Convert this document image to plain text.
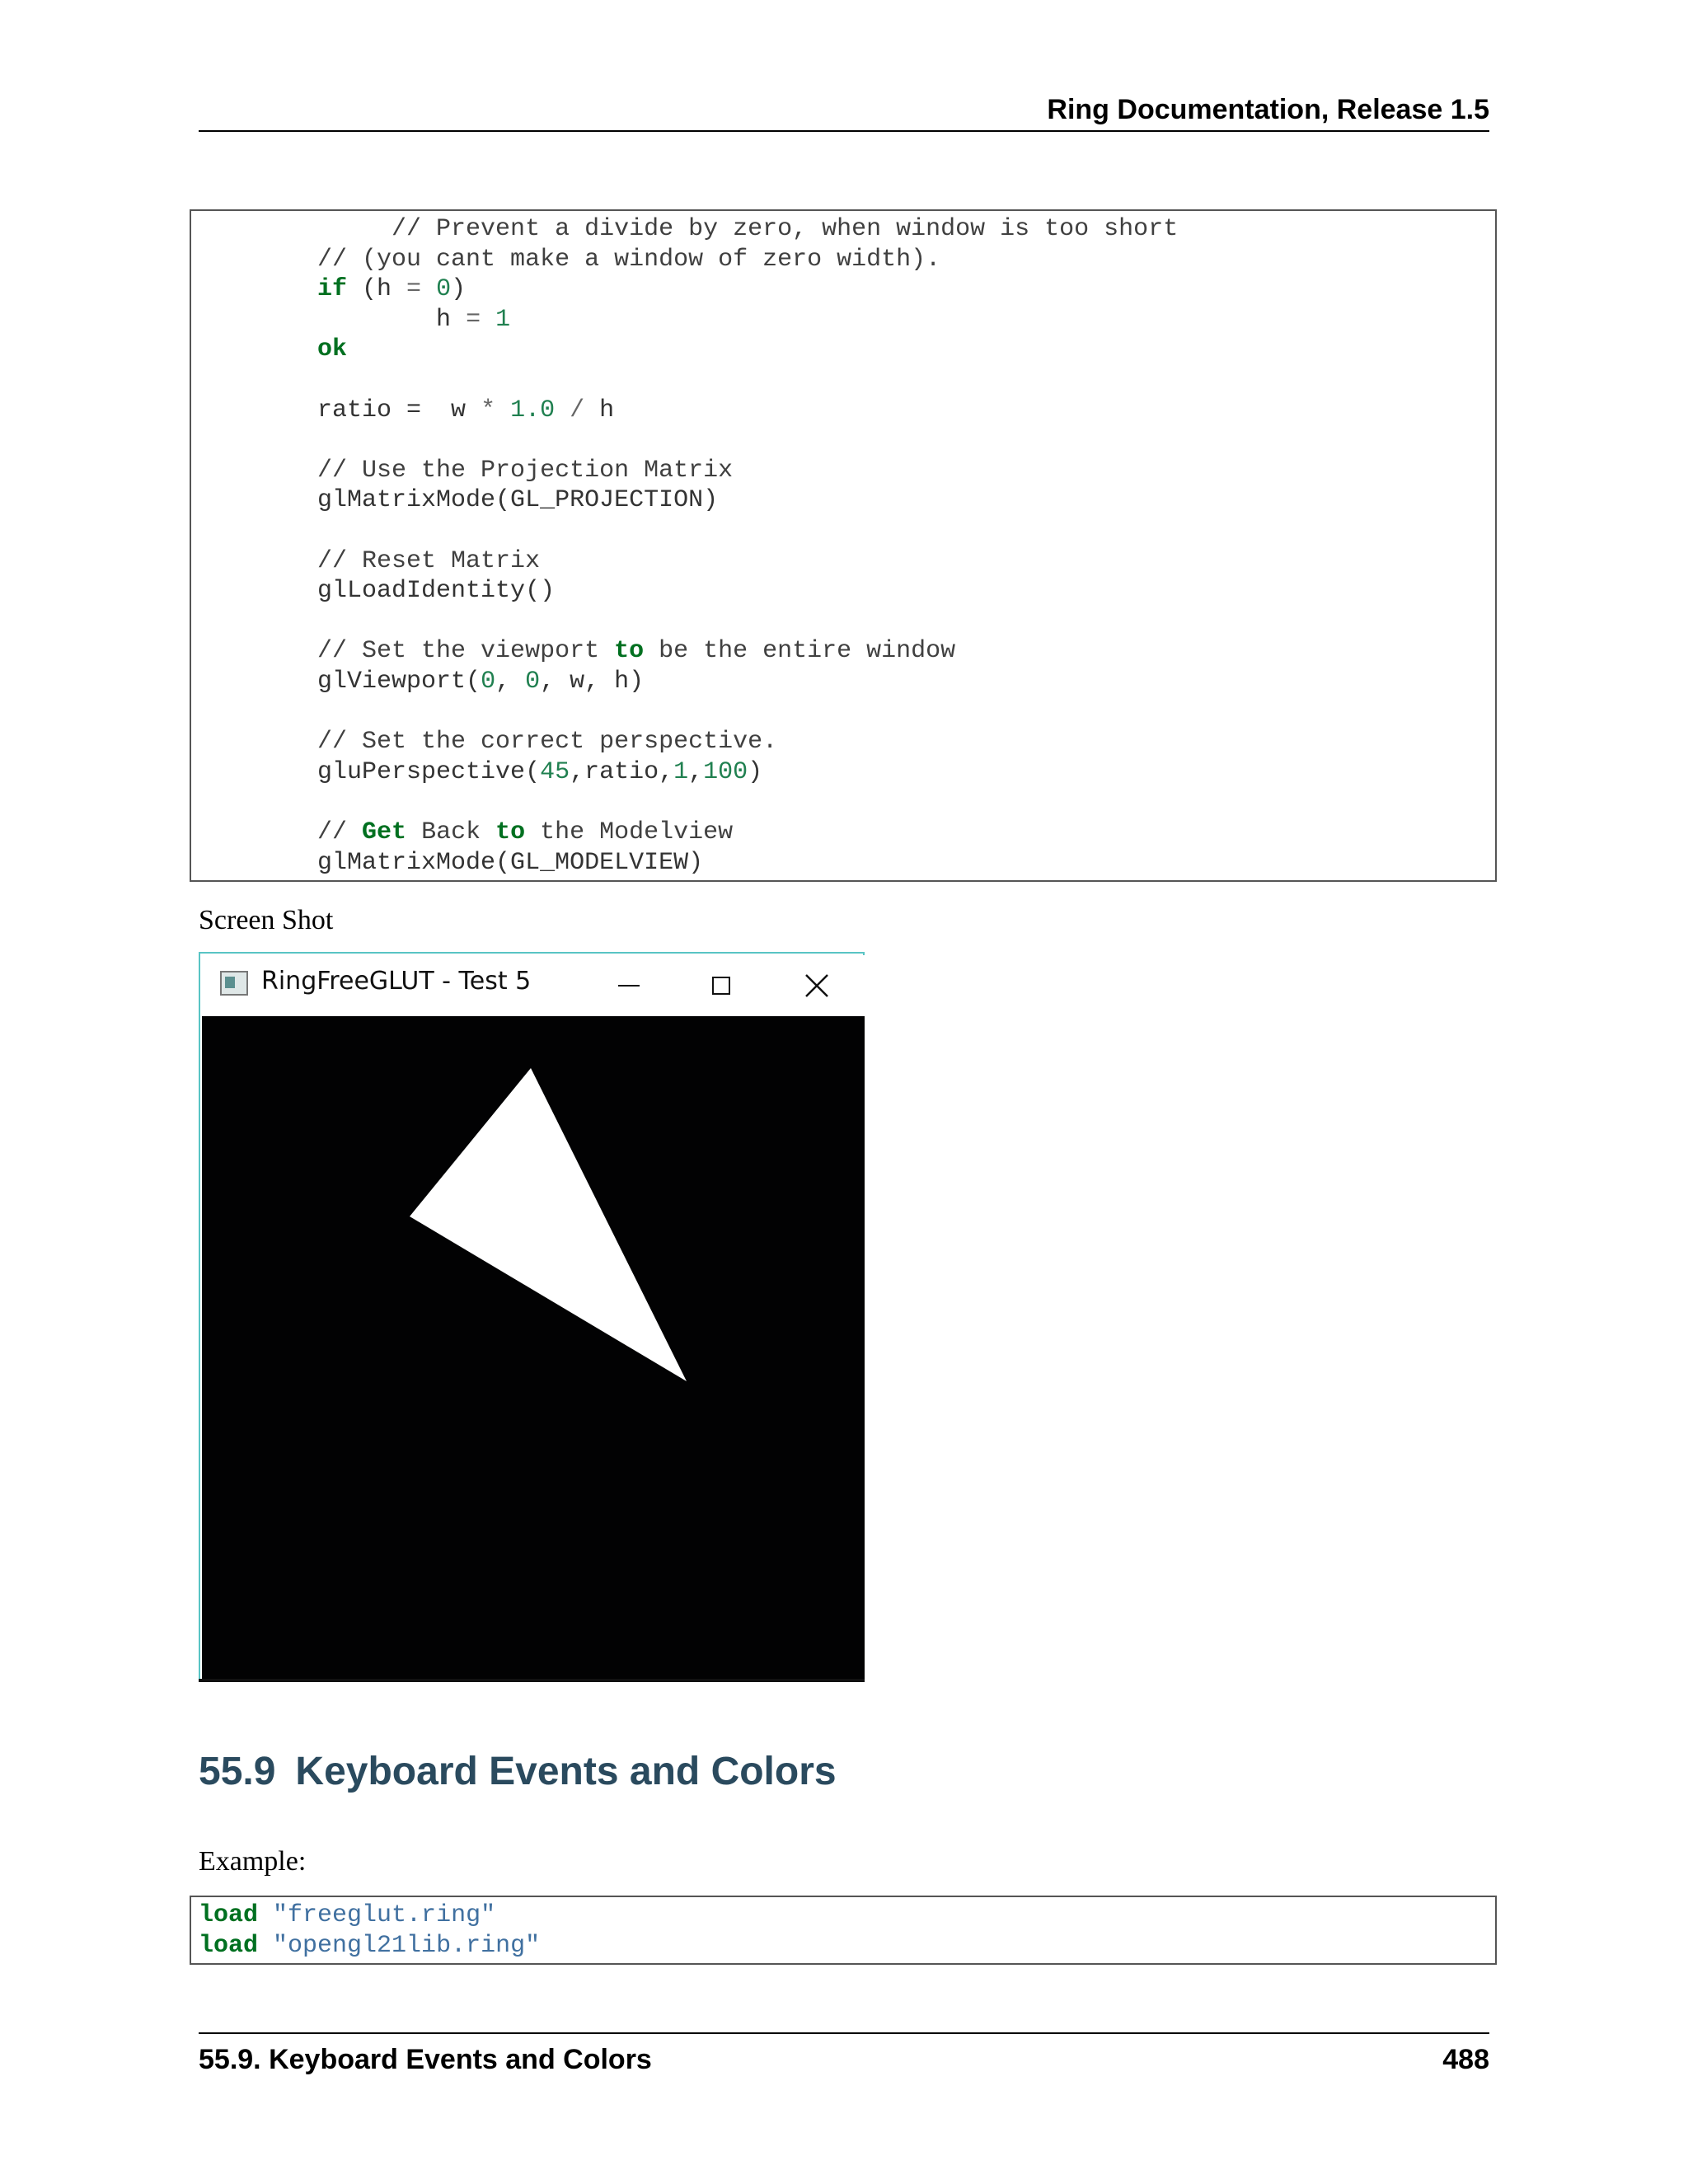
Ring Documentation, Release 1.5
// Prevent a divide by zero, when window is too short
// (you cant make a window of zero width).
if (h = 0)
h = 1
ok
ratio =  w * 1.0 / h
// Use the Projection Matrix
glMatrixMode(GL_PROJECTION)
// Reset Matrix
glLoadIdentity()
// Set the viewport to be the entire window
glViewport(0, 0, w, h)
// Set the correct perspective.
gluPerspective(45,ratio,1,100)
// Get Back to the Modelview
glMatrixMode(GL_MODELVIEW)
Screen Shot
RingFreeGLUT - Test 5
55.9 Keyboard Events and Colors
Example:
load "freeglut.ring"
load "opengl21lib.ring"
55.9. Keyboard Events and Colors	488
